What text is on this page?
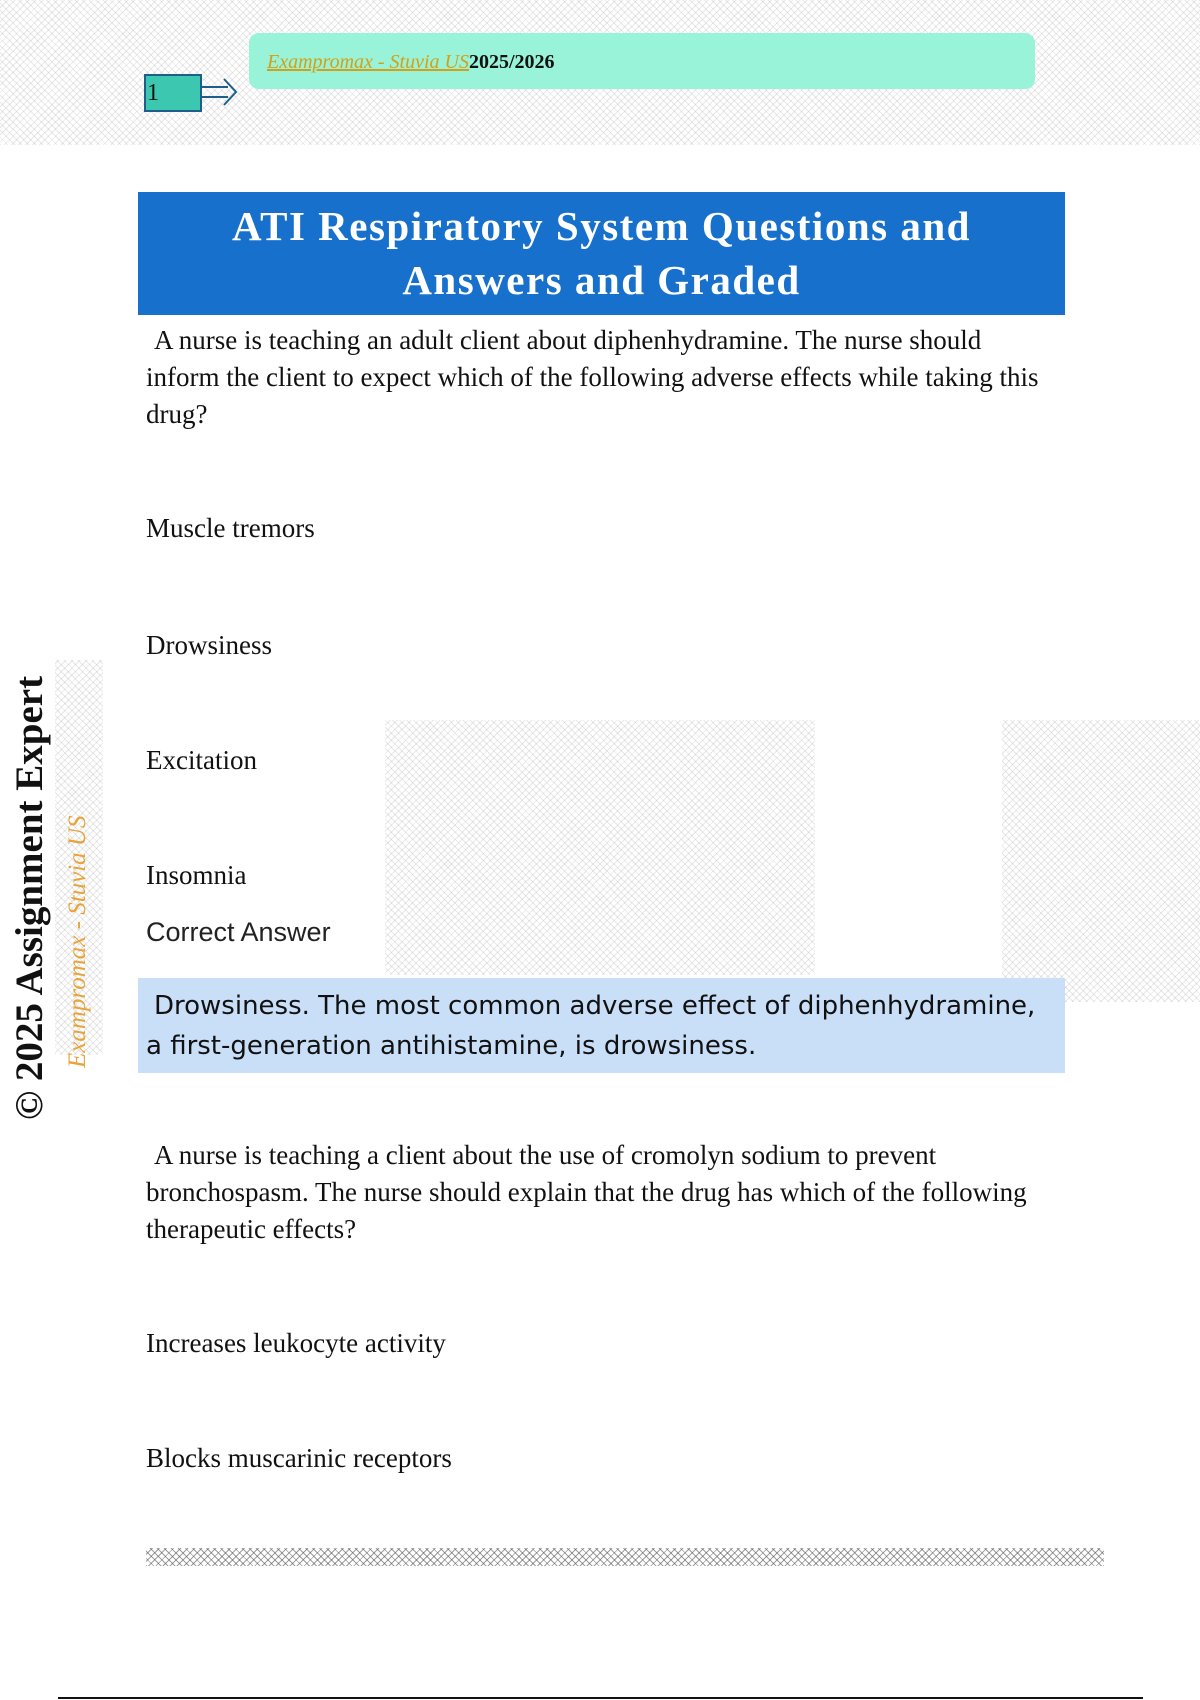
1
Exampromax - Stuvia US2025/2026
ATI Respiratory System Questions and
Answers and Graded
A nurse is teaching an adult client about diphenhydramine. The nurse should inform the client to expect which of the following adverse effects while taking this drug?
Muscle tremors
Drowsiness
Excitation
Insomnia
Correct Answer
Drowsiness. The most common adverse effect of diphenhydramine, a first-generation antihistamine, is drowsiness.
A nurse is teaching a client about the use of cromolyn sodium to prevent bronchospasm. The nurse should explain that the drug has which of the following therapeutic effects?
Increases leukocyte activity
Blocks muscarinic receptors
© 2025 Assignment Expert Exampromax - Stuvia US
